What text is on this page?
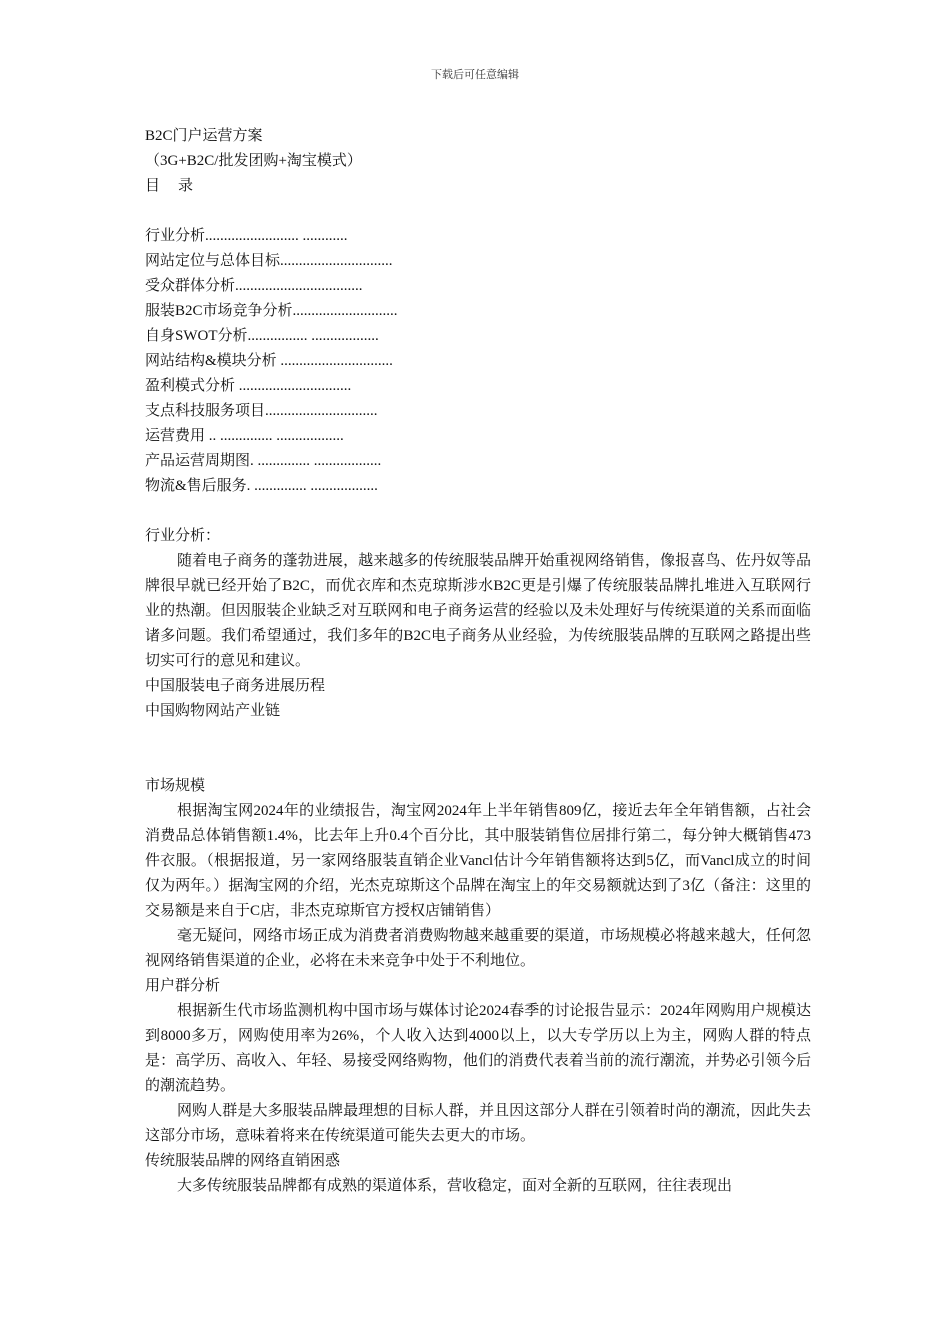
下载后可任意编辑

B2C门户运营方案

（3G+B2C/批发团购+淘宝模式）

目 录

行业分析......................... ............

网站定位与总体目标..............................

受众群体分析..................................

服装B2C市场竞争分析............................

自身SWOT分析................ ..................

网站结构&模块分析 ..............................

盈利模式分析 ..............................

支点科技服务项目..............................

运营费用 .. .............. ..................

产品运营周期图. .............. ..................

物流&售后服务. .............. ..................

行业分析：

随着电子商务的蓬勃进展，越来越多的传统服装品牌开始重视网络销售，像报喜鸟、佐丹奴等品牌很早就已经开始了B2C，而优衣库和杰克琼斯涉水B2C更是引爆了传统服装品牌扎堆进入互联网行业的热潮。但因服装企业缺乏对互联网和电子商务运营的经验以及未处理好与传统渠道的关系而面临诸多问题。我们希望通过，我们多年的B2C电子商务从业经验，为传统服装品牌的互联网之路提出些切实可行的意见和建议。

中国服装电子商务进展历程

中国购物网站产业链

市场规模

根据淘宝网2024年的业绩报告，淘宝网2024年上半年销售809亿，接近去年全年销售额，占社会消费品总体销售额1.4%，比去年上升0.4个百分比，其中服装销售位居排行第二，每分钟大概销售473件衣服。（根据报道，另一家网络服装直销企业Vancl估计今年销售额将达到5亿，而Vancl成立的时间仅为两年。）据淘宝网的介绍，光杰克琼斯这个品牌在淘宝上的年交易额就达到了3亿（备注：这里的交易额是来自于C店，非杰克琼斯官方授权店铺销售）

毫无疑问，网络市场正成为消费者消费购物越来越重要的渠道，市场规模必将越来越大，任何忽视网络销售渠道的企业，必将在未来竞争中处于不利地位。

用户群分析

根据新生代市场监测机构中国市场与媒体讨论2024春季的讨论报告显示：2024年网购用户规模达到8000多万，网购使用率为26%，个人收入达到4000以上，以大专学历以上为主，网购人群的特点是：高学历、高收入、年轻、易接受网络购物，他们的消费代表着当前的流行潮流，并势必引领今后的潮流趋势。

网购人群是大多服装品牌最理想的目标人群，并且因这部分人群在引领着时尚的潮流，因此失去这部分市场，意味着将来在传统渠道可能失去更大的市场。

传统服装品牌的网络直销困惑

大多传统服装品牌都有成熟的渠道体系，营收稳定，面对全新的互联网，往往表现出
